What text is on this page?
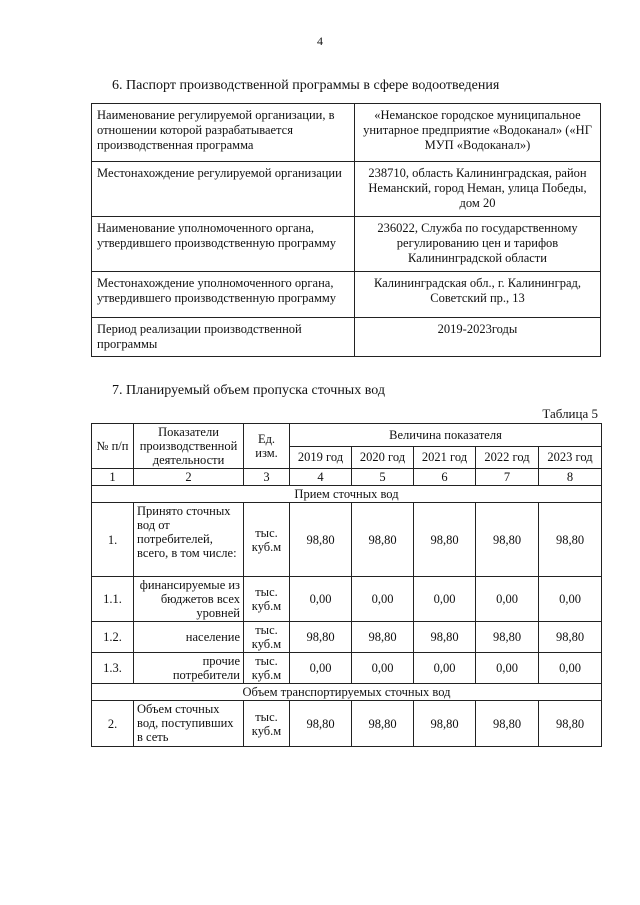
4
6. Паспорт производственной программы в сфере водоотведения
Наименование регулируемой организации, в отношении которой разрабатывается производственная программа	«Неманское городское муниципальное унитарное предприятие «Водоканал» («НГ МУП «Водоканал»)
Местонахождение регулируемой организации	238710, область Калининградская, район Неманский, город Неман, улица Победы, дом 20
Наименование уполномоченного органа, утвердившего производственную программу	236022, Служба по государственному регулированию цен и тарифов Калининградской области
Местонахождение уполномоченного органа, утвердившего производственную программу	Калининградская обл., г. Калининград, Советский пр., 13
Период реализации производственной программы	2019-2023годы
7. Планируемый объем пропуска сточных вод
Таблица 5
№ п/п	Показатели производственной деятельности	Ед. изм.	Величина показателя				
			2019 год	2020 год	2021 год	2022 год	2023 год
1	2	3	4	5	6	7	8
Прием сточных вод							
1.	Принято сточных вод от потребителей, всего, в том числе:	тыс. куб.м	98,80	98,80	98,80	98,80	98,80
1.1.	финансируемые из бюджетов всех уровней	тыс. куб.м	0,00	0,00	0,00	0,00	0,00
1.2.	население	тыс. куб.м	98,80	98,80	98,80	98,80	98,80
1.3.	прочие потребители	тыс. куб.м	0,00	0,00	0,00	0,00	0,00
Объем транспортируемых сточных вод							
2.	Объем сточных вод, поступивших в сеть	тыс. куб.м	98,80	98,80	98,80	98,80	98,80
